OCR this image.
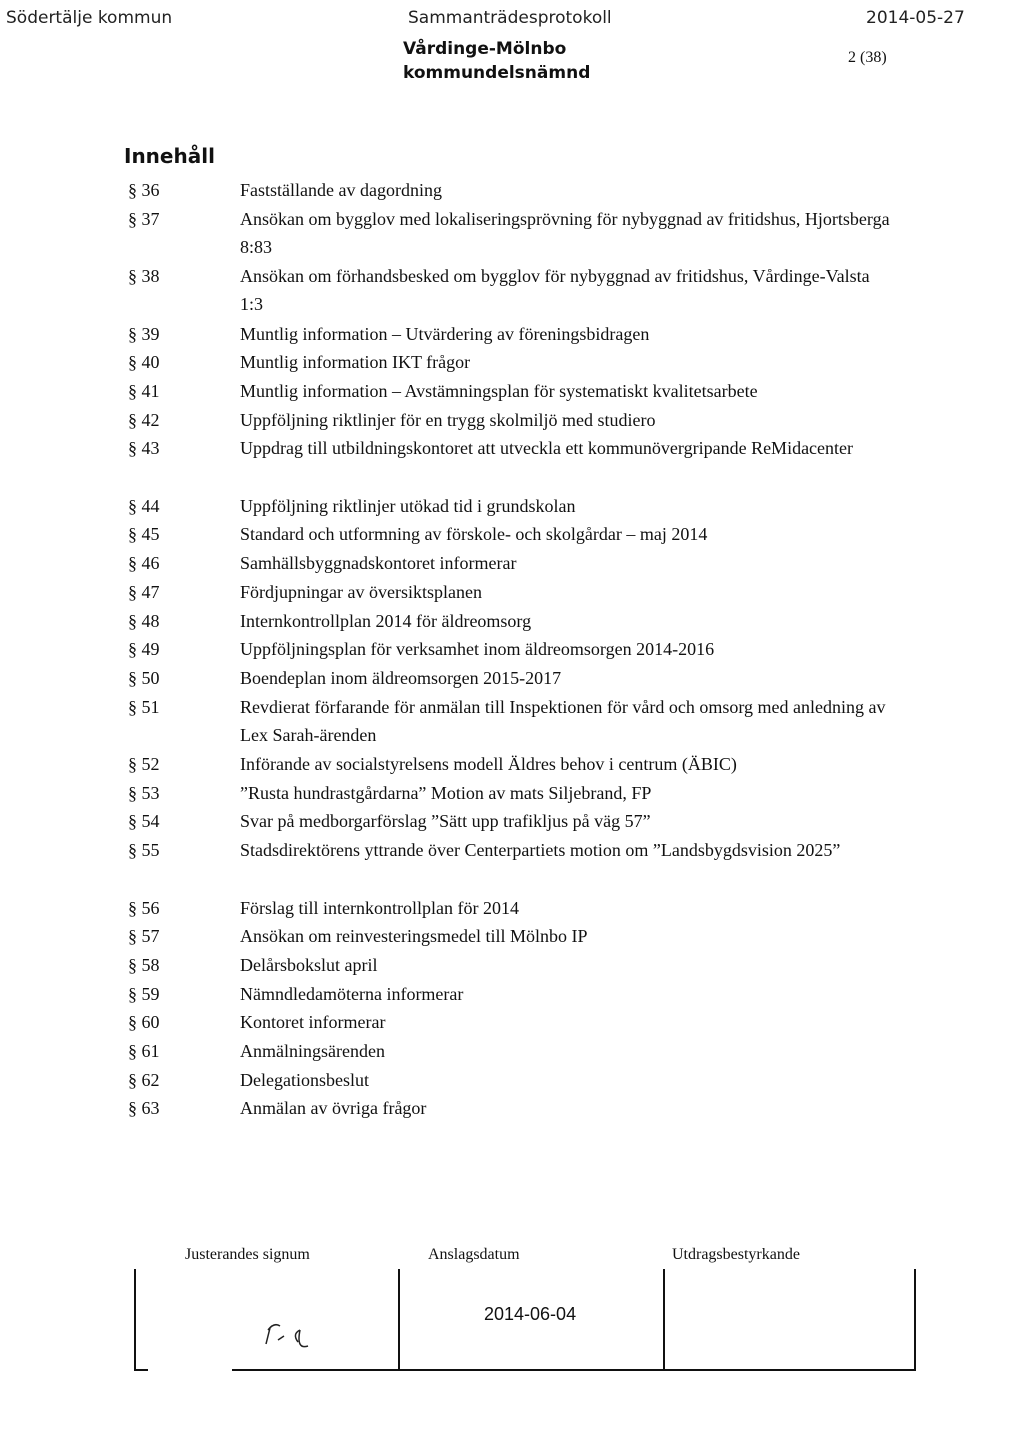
Södertälje kommun	Sammanträdesprotokoll	2014-05-27
Vårdinge-Mölnbo
kommundelsnämnd
2 (38)
Innehåll
§ 36	Fastställande av dagordning
§ 37	Ansökan om bygglov med lokaliseringsprövning för nybyggnad av fritidshus, Hjortsberga 8:83
§ 38	Ansökan om förhandsbesked om bygglov för nybyggnad av fritidshus, Vårdinge-Valsta 1:3
§ 39	Muntlig information – Utvärdering av föreningsbidragen
§ 40	Muntlig information IKT frågor
§ 41	Muntlig information – Avstämningsplan för systematiskt kvalitetsarbete
§ 42	Uppföljning riktlinjer för en trygg skolmiljö med studiero
§ 43	Uppdrag till utbildningskontoret att utveckla ett kommunövergripande ReMidacenter
§ 44	Uppföljning riktlinjer utökad tid i grundskolan
§ 45	Standard och utformning av förskole- och skolgårdar – maj 2014
§ 46	Samhällsbyggnadskontoret informerar
§ 47	Fördjupningar av översiktsplanen
§ 48	Internkontrollplan 2014 för äldreomsorg
§ 49	Uppföljningsplan för verksamhet inom äldreomsorgen 2014-2016
§ 50	Boendeplan inom äldreomsorgen 2015-2017
§ 51	Revdierat förfarande för anmälan till Inspektionen för vård och omsorg med anledning av Lex Sarah-ärenden
§ 52	Införande av socialstyrelsens modell Äldres behov i centrum (ÄBIC)
§ 53	”Rusta hundrastgårdarna” Motion av mats Siljebrand, FP
§ 54	Svar på medborgarförslag ”Sätt upp trafikljus på väg 57”
§ 55	Stadsdirektörens yttrande över Centerpartiets motion om ”Landsbygdsvision 2025”
§ 56	Förslag till internkontrollplan för 2014
§ 57	Ansökan om reinvesteringsmedel till Mölnbo IP
§ 58	Delårsbokslut april
§ 59	Nämndledamöterna informerar
§ 60	Kontoret informerar
§ 61	Anmälningsärenden
§ 62	Delegationsbeslut
§ 63	Anmälan av övriga frågor
Justerandes signum	Anslagsdatum	Utdragsbestyrkande
2014-06-04
